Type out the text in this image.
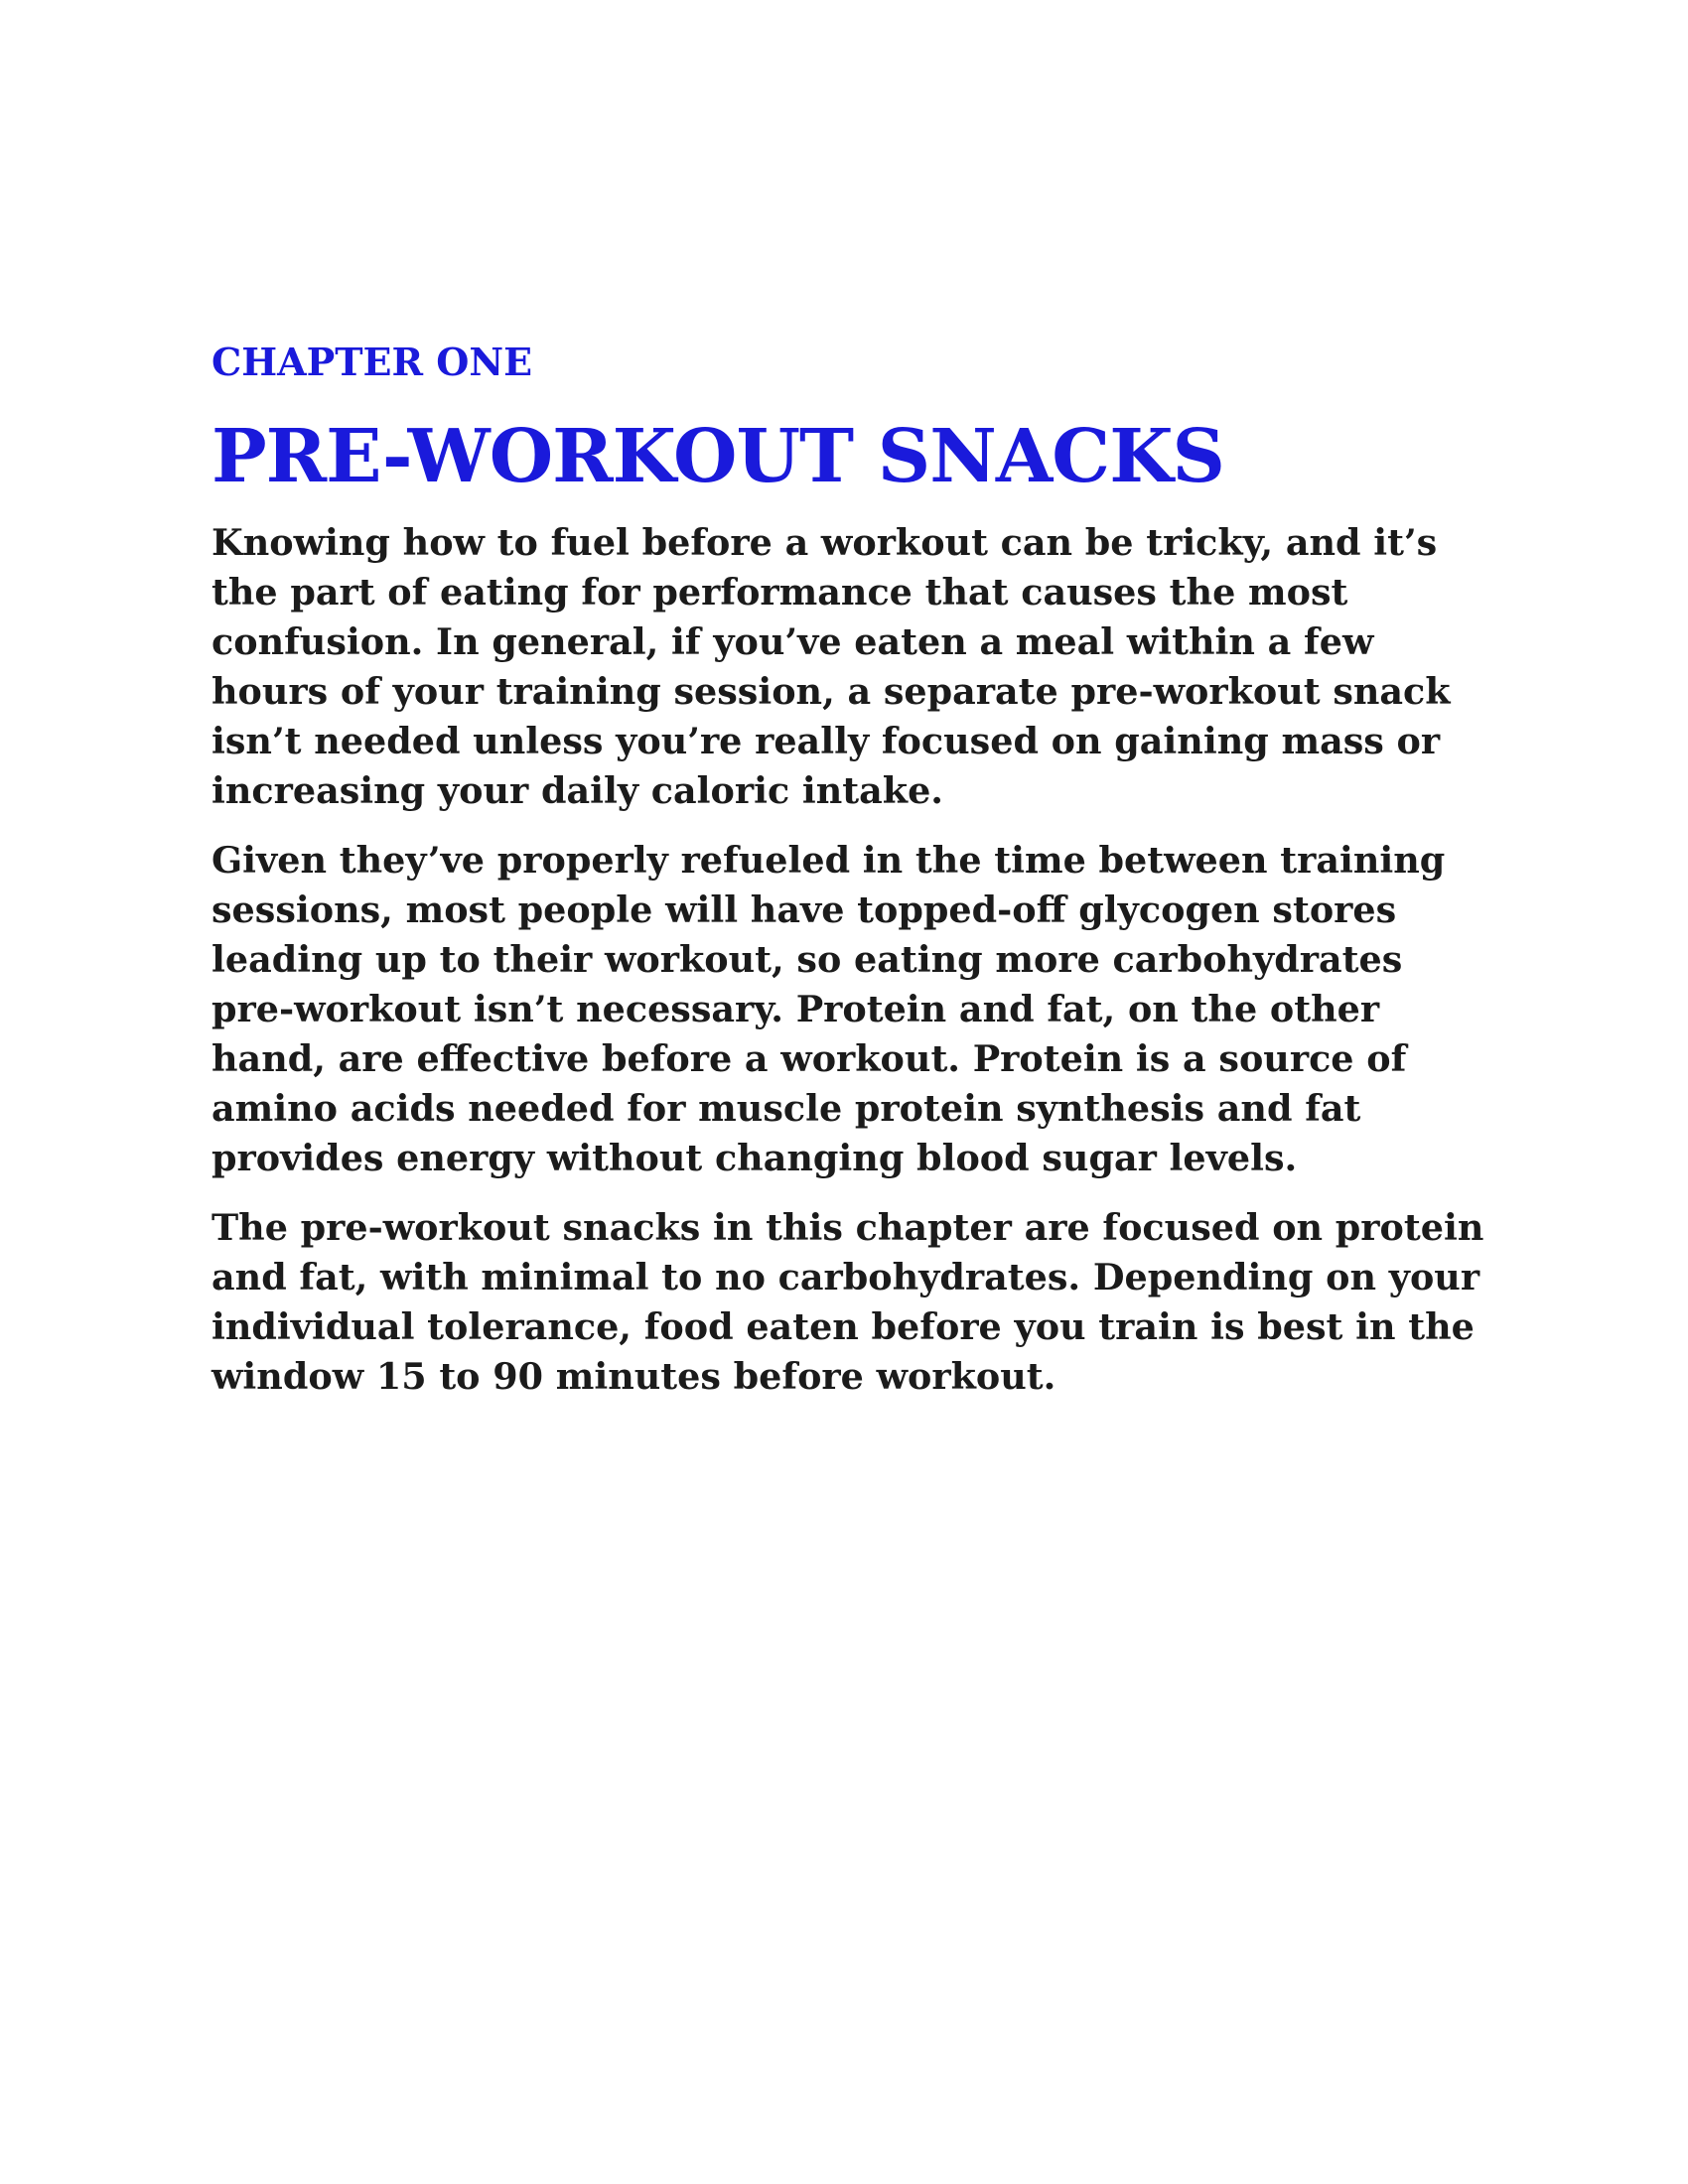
CHAPTER ONE
PRE-WORKOUT SNACKS

Knowing how to fuel before a workout can be tricky, and it’s the part of eating for performance that causes the most confusion. In general, if you’ve eaten a meal within a few hours of your training session, a separate pre-workout snack isn’t needed unless you’re really focused on gaining mass or increasing your daily caloric intake.

Given they’ve properly refueled in the time between training sessions, most people will have topped-off glycogen stores leading up to their workout, so eating more carbohydrates pre-workout isn’t necessary. Protein and fat, on the other hand, are effective before a workout. Protein is a source of amino acids needed for muscle protein synthesis and fat provides energy without changing blood sugar levels.

The pre-workout snacks in this chapter are focused on protein and fat, with minimal to no carbohydrates. Depending on your individual tolerance, food eaten before you train is best in the window 15 to 90 minutes before workout.
